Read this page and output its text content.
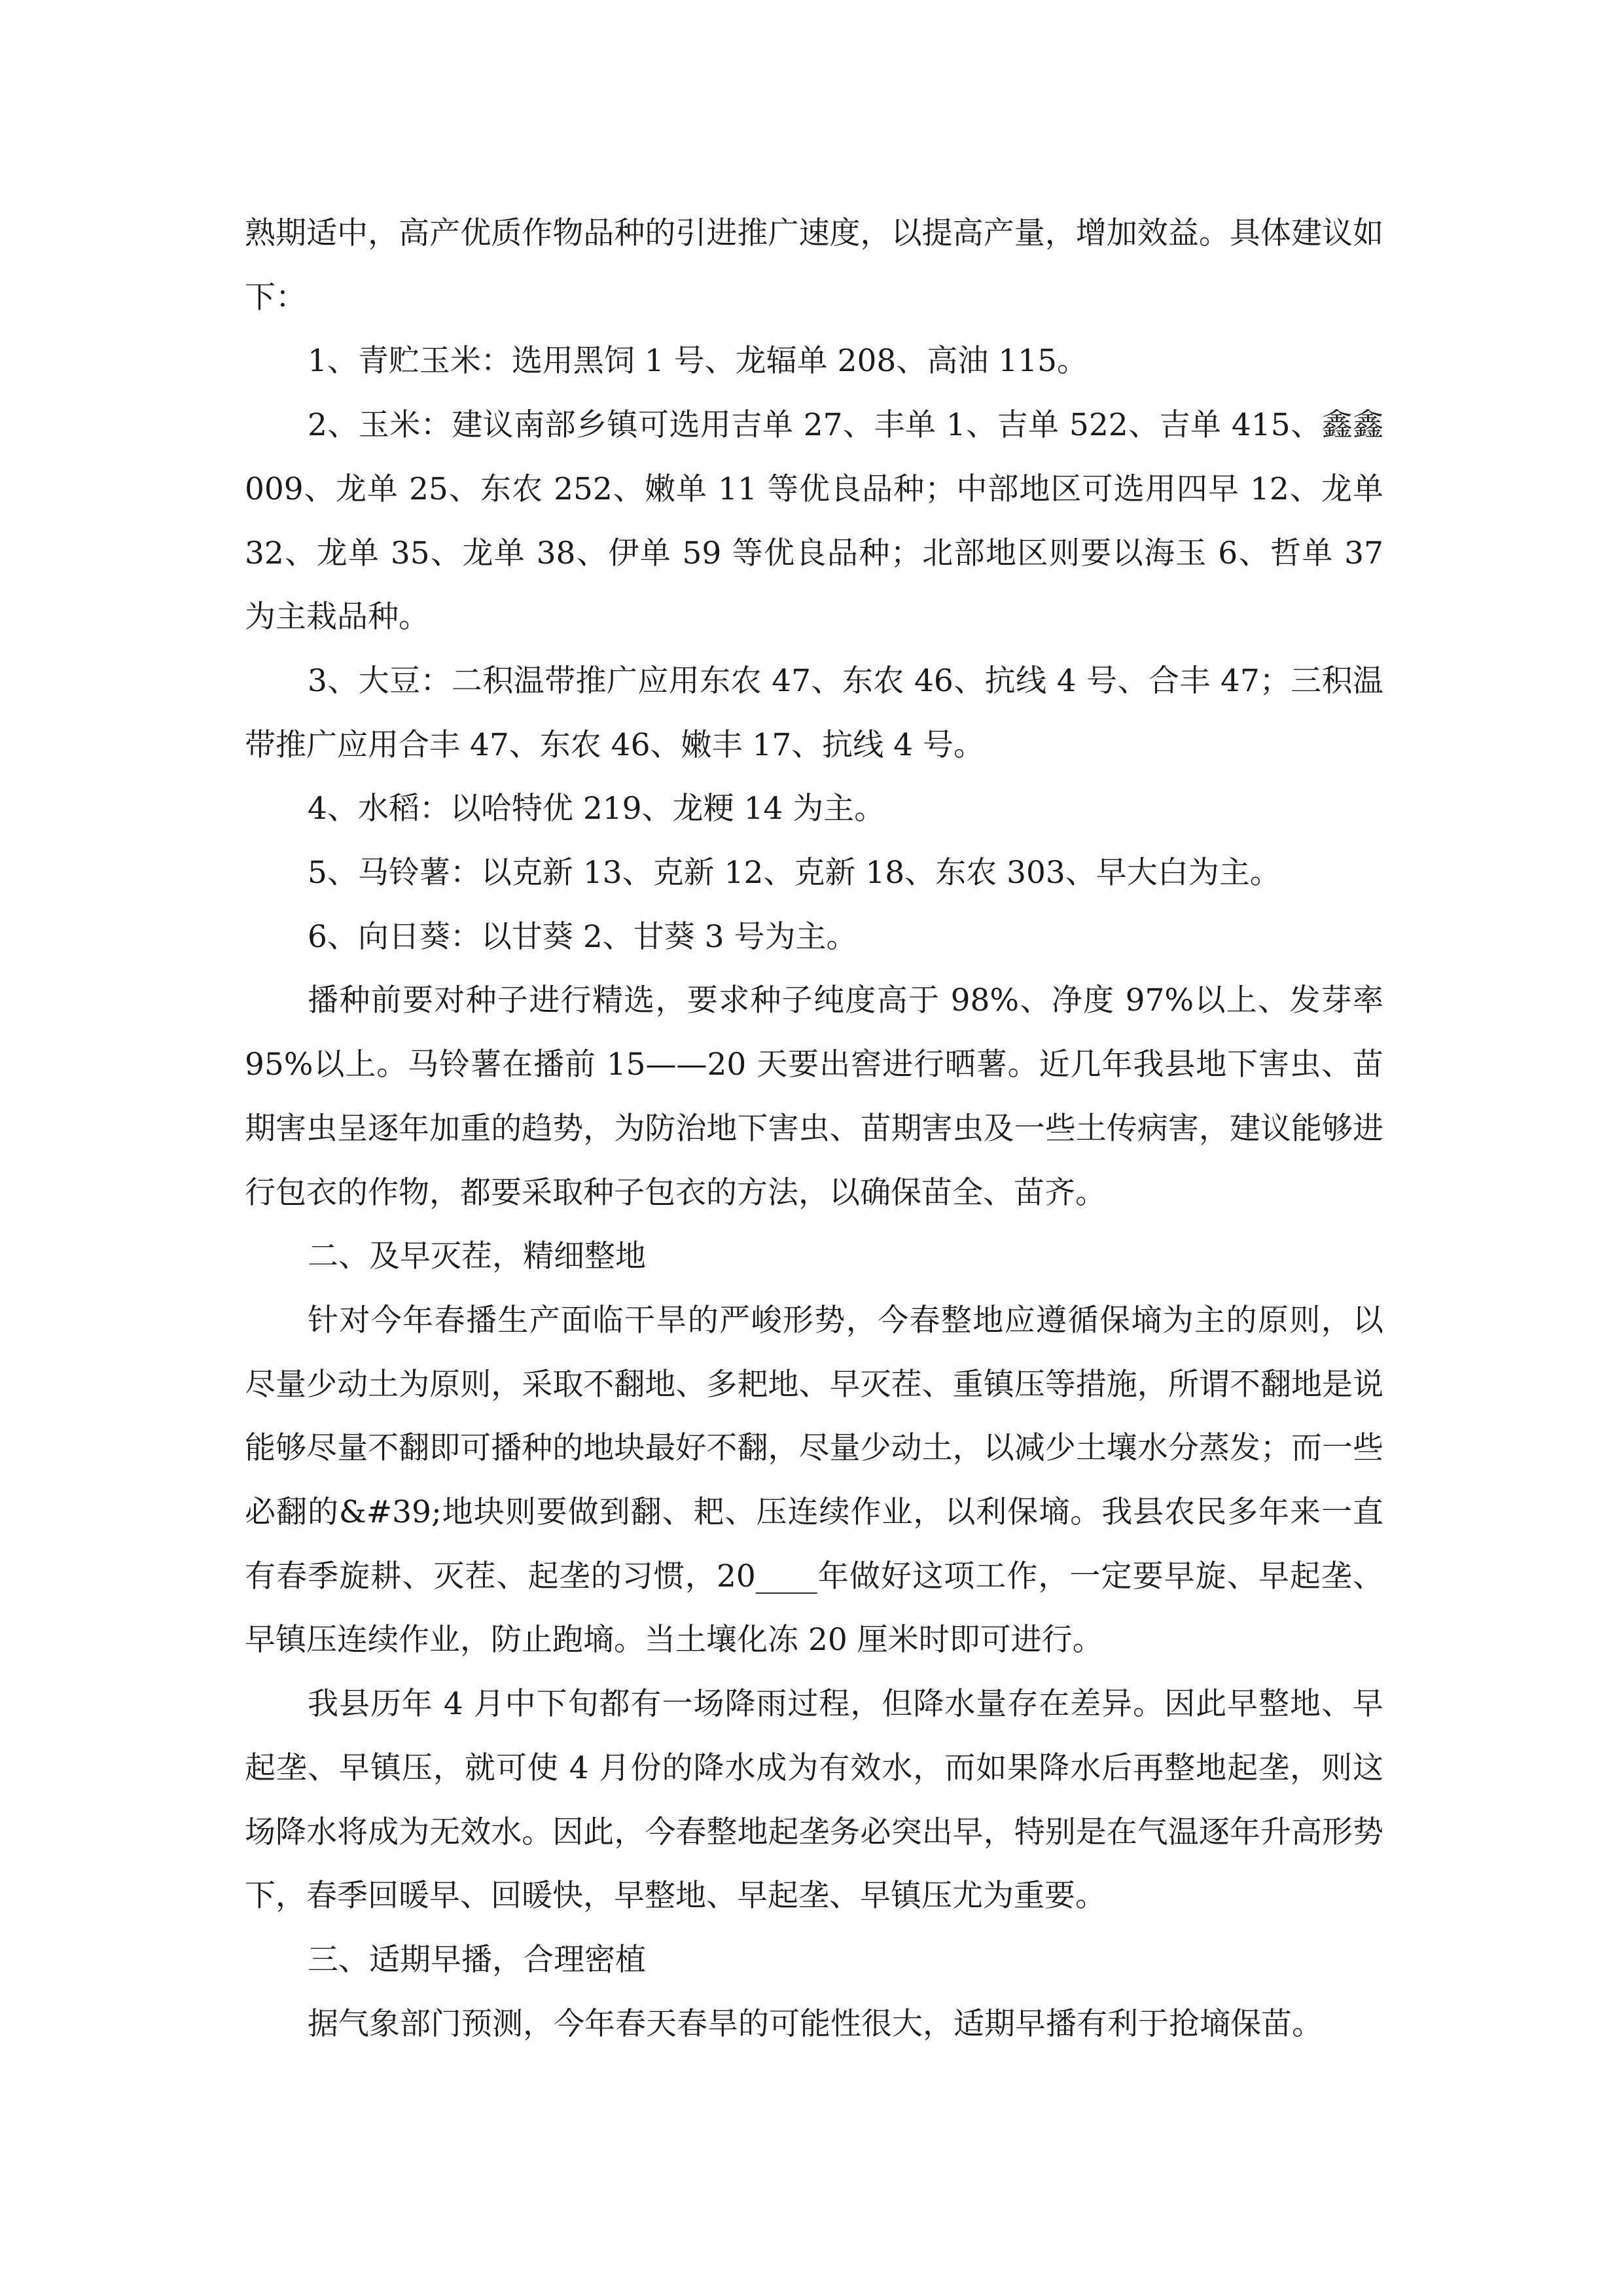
熟期适中，高产优质作物品种的引进推广速度，以提高产量，增加效益。具体建议如下：

1、青贮玉米：选用黑饲 1 号、龙辐单 208、高油 115。

2、玉米：建议南部乡镇可选用吉单 27、丰单 1、吉单 522、吉单 415、鑫鑫 009、龙单 25、东农 252、嫩单 11 等优良品种；中部地区可选用四早 12、龙单 32、龙单 35、龙单 38、伊单 59 等优良品种；北部地区则要以海玉 6、哲单 37 为主栽品种。

3、大豆：二积温带推广应用东农 47、东农 46、抗线 4 号、合丰 47；三积温带推广应用合丰 47、东农 46、嫩丰 17、抗线 4 号。

4、水稻：以哈特优 219、龙粳 14 为主。

5、马铃薯：以克新 13、克新 12、克新 18、东农 303、早大白为主。

6、向日葵：以甘葵 2、甘葵 3 号为主。

播种前要对种子进行精选，要求种子纯度高于 98%、净度 97%以上、发芽率 95%以上。马铃薯在播前 15——20 天要出窖进行晒薯。近几年我县地下害虫、苗期害虫呈逐年加重的趋势，为防治地下害虫、苗期害虫及一些土传病害，建议能够进行包衣的作物，都要采取种子包衣的方法，以确保苗全、苗齐。

二、及早灭茬，精细整地

针对今年春播生产面临干旱的严峻形势，今春整地应遵循保墒为主的原则，以尽量少动土为原则，采取不翻地、多耙地、早灭茬、重镇压等措施，所谓不翻地是说能够尽量不翻即可播种的地块最好不翻，尽量少动土，以减少土壤水分蒸发；而一些必翻的&#39;地块则要做到翻、耙、压连续作业，以利保墒。我县农民多年来一直有春季旋耕、灭茬、起垄的习惯，20____年做好这项工作，一定要早旋、早起垄、早镇压连续作业，防止跑墒。当土壤化冻 20 厘米时即可进行。

我县历年 4 月中下旬都有一场降雨过程，但降水量存在差异。因此早整地、早起垄、早镇压，就可使 4 月份的降水成为有效水，而如果降水后再整地起垄，则这场降水将成为无效水。因此，今春整地起垄务必突出早，特别是在气温逐年升高形势下，春季回暖早、回暖快，早整地、早起垄、早镇压尤为重要。

三、适期早播，合理密植

据气象部门预测，今年春天春旱的可能性很大，适期早播有利于抢墒保苗。
